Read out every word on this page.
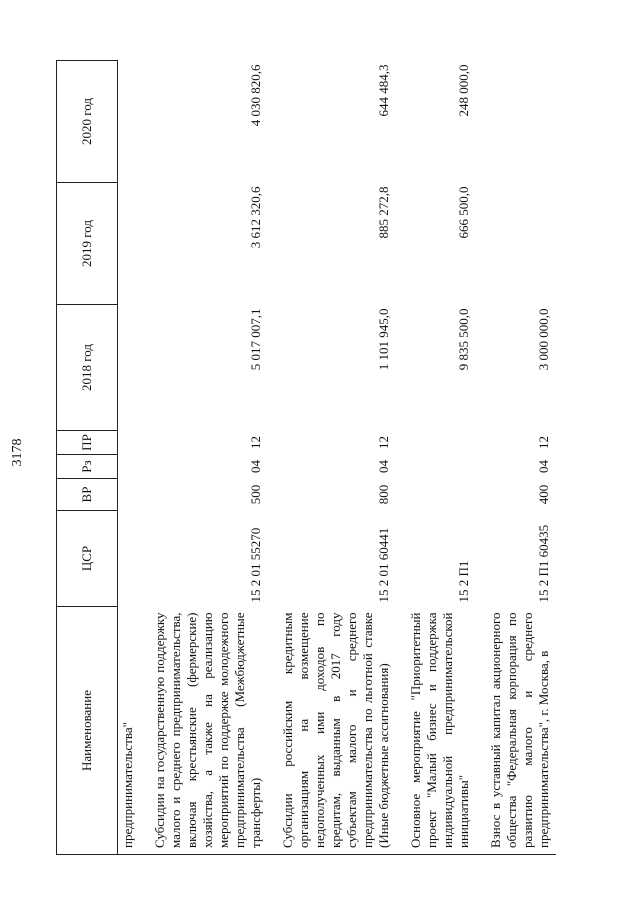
3178
Наименование	ЦСР	ВР	Рз	ПР	2018 год	2019 год	2020 год
предпринимательства"							
Субсидии на государственную поддержку малого и среднего предпринимательства, включая крестьянские (фермерские) хозяйства, а также на реализацию мероприятий по поддержке молодежного предпринимательства (Межбюджетные трансферты)	15 2 01 55270	500	04	12	5 017 007,1	3 612 320,6	4 030 820,6
Субсидии российским кредитным организациям на возмещение недополученных ими доходов по кредитам, выданным в 2017 году субъектам малого и среднего предпринимательства по льготной ставке (Иные бюджетные ассигнования)	15 2 01 60441	800	04	12	1 101 945,0	885 272,8	644 484,3
Основное мероприятие "Приоритетный проект "Малый бизнес и поддержка индивидуальной предпринимательской инициативы"	15 2 П1				9 835 500,0	666 500,0	248 000,0
Взнос в уставный капитал акционерного общества "Федеральная корпорация по развитию малого и среднего предпринимательства", г. Москва, в	15 2 П1 60435	400	04	12	3 000 000,0		
